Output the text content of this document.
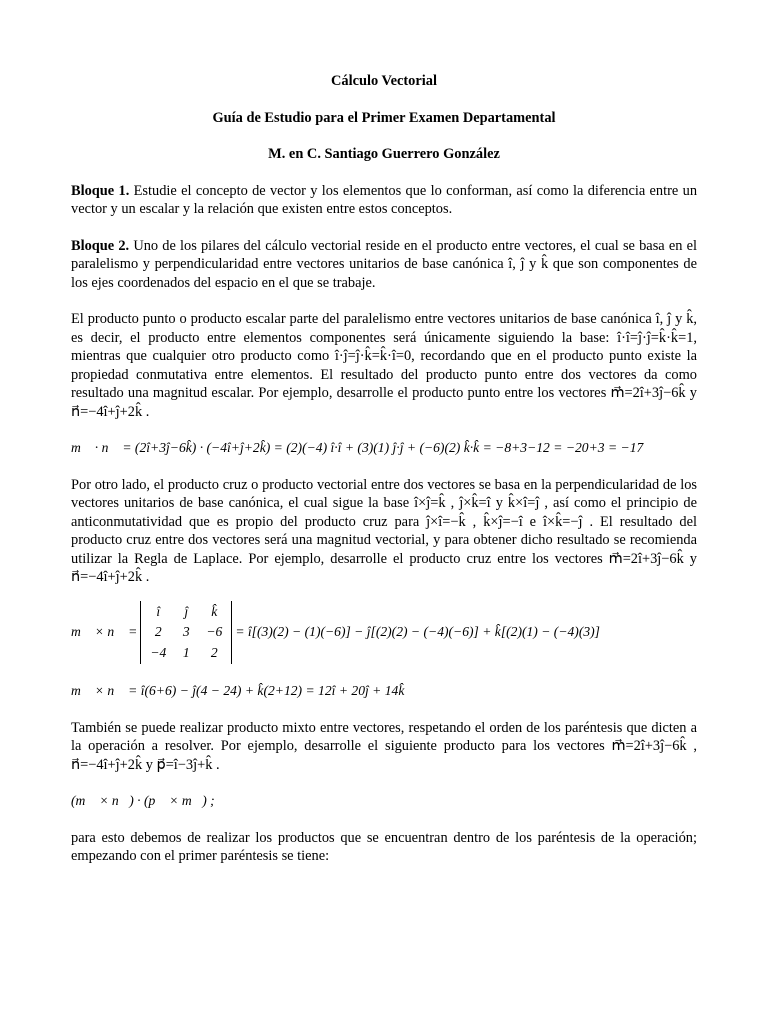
Cálculo Vectorial
Guía de Estudio para el Primer Examen Departamental
M. en C. Santiago Guerrero González

Bloque 1. Estudie el concepto de vector y los elementos que lo conforman, así como la diferencia entre un vector y un escalar y la relación que existen entre estos conceptos.

Bloque 2. Uno de los pilares del cálculo vectorial reside en el producto entre vectores, el cual se basa en el paralelismo y perpendicularidad entre vectores unitarios de base canónica î, ĵ y k̂ que son componentes de los ejes coordenados del espacio en el que se trabaje.

El producto punto o producto escalar parte del paralelismo entre vectores unitarios de base canónica î, ĵ y k̂, es decir, el producto entre elementos componentes será únicamente siguiendo la base: î·î=ĵ·ĵ=k̂·k̂=1, mientras que cualquier otro producto como î·ĵ=ĵ·k̂=k̂·î=0, recordando que en el producto punto existe la propiedad conmutativa entre elementos. El resultado del producto punto entre dos vectores da como resultado una magnitud escalar. Por ejemplo, desarrolle el producto punto entre los vectores m⃗=2î+3ĵ−6k̂ y n⃗=−4î+ĵ+2k̂ .

m⃗ · n⃗ = (2î+3ĵ−6k̂) · (−4î+ĵ+2k̂) = (2)(−4) î·î + (3)(1) ĵ·ĵ + (−6)(2) k̂·k̂ = −8+3−12 = −20+3 = −17

Por otro lado, el producto cruz o producto vectorial entre dos vectores se basa en la perpendicularidad de los vectores unitarios de base canónica, el cual sigue la base î×ĵ=k̂ , ĵ×k̂=î y k̂×î=ĵ , así como el principio de anticonmutatividad que es propio del producto cruz para ĵ×î=−k̂ , k̂×ĵ=−î e î×k̂=−ĵ . El resultado del producto cruz entre dos vectores será una magnitud vectorial, y para obtener dicho resultado se recomienda utilizar la Regla de Laplace. Por ejemplo, desarrolle el producto cruz entre los vectores m⃗=2î+3ĵ−6k̂ y n⃗=−4î+ĵ+2k̂ .

m⃗ × n⃗ =
î	ĵ	k̂
2	3	−6
−4	1	2
= î[(3)(2) − (1)(−6)] − ĵ[(2)(2) − (−4)(−6)] + k̂[(2)(1) − (−4)(3)]
m⃗ × n⃗ = î(6+6) − ĵ(4 − 24) + k̂(2+12) = 12î + 20ĵ + 14k̂

También se puede realizar producto mixto entre vectores, respetando el orden de los paréntesis que dicten a la operación a resolver. Por ejemplo, desarrolle el siguiente producto para los vectores m⃗=2î+3ĵ−6k̂ , n⃗=−4î+ĵ+2k̂ y p⃗=î−3ĵ+k̂ .

(m⃗ × n⃗) · (p⃗ × m⃗) ;

para esto debemos de realizar los productos que se encuentran dentro de los paréntesis de la operación; empezando con el primer paréntesis se tiene:
